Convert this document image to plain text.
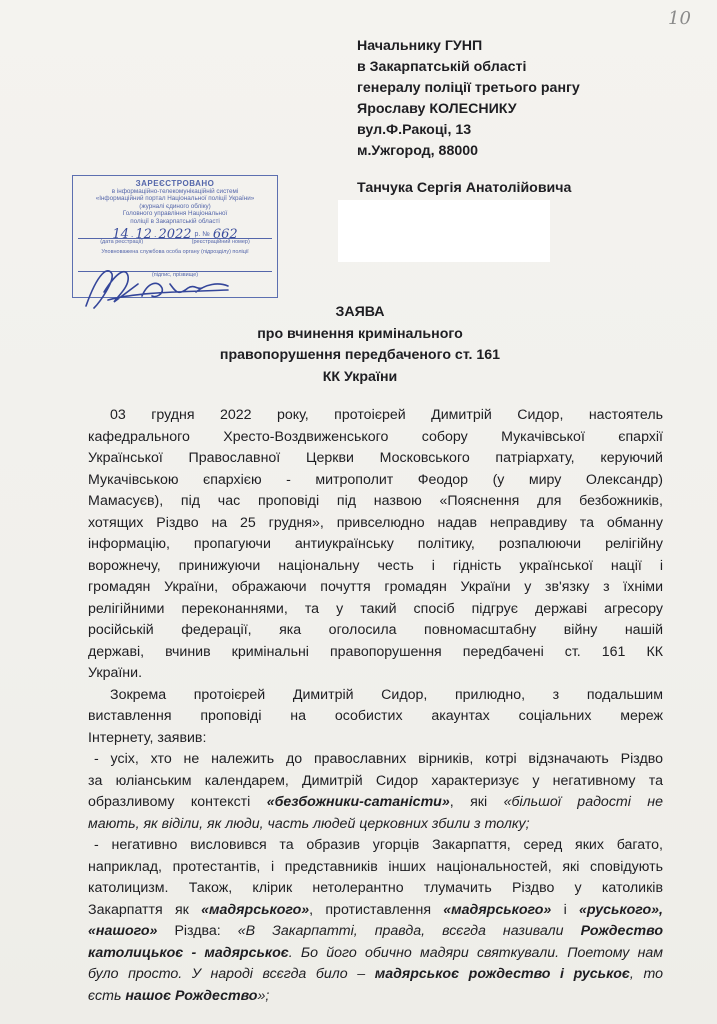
10
Начальнику ГУНП
в Закарпатській області
генералу поліції третього рангу
Ярославу КОЛЕСНИКУ
вул.Ф.Ракоці, 13
м.Ужгород, 88000
Танчука Сергія Анатолійовича
ЗАРЕЄСТРОВАНО
в інформаційно-телекомунікаційній системі
«Інформаційний портал Національної поліції України»
(журналі єдиного обліку)
Головного управління Національної
поліції в Закарпатській області
14 . 12 . 2022 р. № 662
(дата реєстрації)	(реєстраційний номер)
Уповноважена службова особа органу (підрозділу) поліції
(підпис, прізвище)
ЗАЯВА
про вчинення кримінального
правопорушення передбаченого ст. 161
КК України

03 грудня 2022 року, протоієрей Димитрій Сидор, настоятель
кафедрального Хресто-Воздвиженського собору Мукачівської єпархії
Української Православної Церкви Московського патріархату, керуючий
Мукачівською єпархією - митрополит Феодор (у миру Олександр)
Мамасуєв), під час проповіді під назвою «Пояснення для безбожників,
хотящих Різдво на 25 грудня», привселюдно надав неправдиву та обманну
інформацію, пропагуючи антиукраїнську політику, розпалюючи релігійну
ворожнечу, принижуючи національну честь і гідність української нації і
громадян України, ображаючи почуття громадян України у зв'язку з їхніми
релігійними переконаннями, та у такий спосіб підгрує державі агресору
російській федерації, яка оголосила повномасштабну війну нашій
державі, вчинив кримінальні правопорушення передбачені ст. 161 КК
України.

Зокрема протоієрей Димитрій Сидор, прилюдно, з подальшим
виставлення проповіді на особистих акаунтах соціальних мереж
Інтернету, заявив:

- усіх, хто не належить до православних вірників, котрі відзначають Різдво
за юліанським календарем, Димитрій Сидор характеризує у негативному та
образливому контексті «безбожники-сатаністи», які «більшої радості не
мають, як віділи, як люди, часть людей церковних збили з толку;

- негативно висловився та образив угорців Закарпаття, серед яких багато,
наприклад, протестантів, і представників інших національностей, які сповідують
католицизм. Також, клірик нетолерантно тлумачить Різдво у католиків
Закарпаття як «мадярського», протиставлення «мадярського» і «руського»,
«нашого» Різдва: «В Закарпатті, правда, всєгда називали Рождество
католицькоє - мадярськоє. Бо його обично мадяри святкували. Поетому нам
було просто. У народі всєгда било – мадярськоє рождество і руськоє, то
єсть нашоє Рождество»;
